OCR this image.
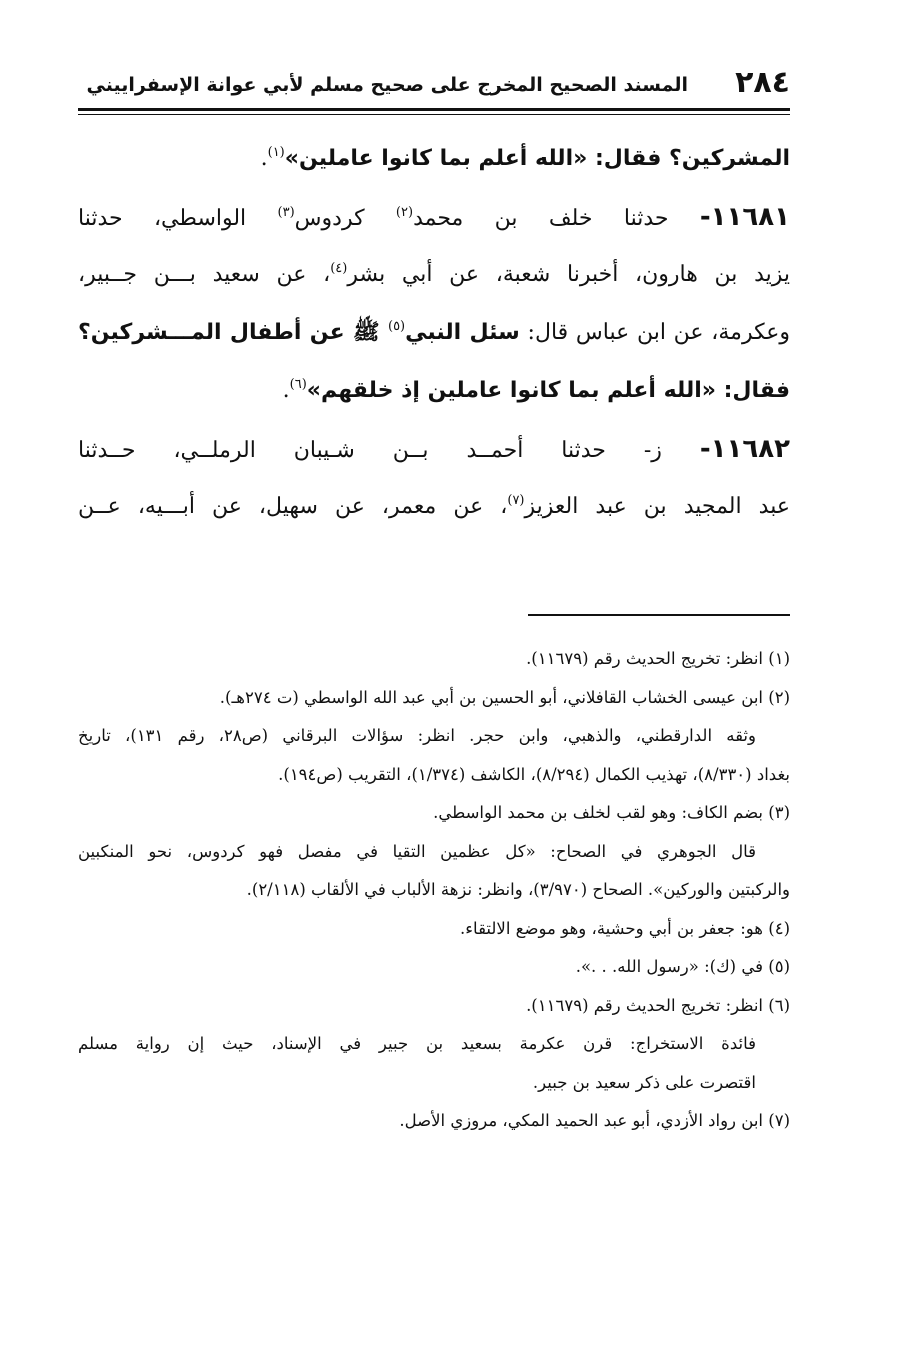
٢٨٤
المسند الصحيح المخرج على صحيح مسلم لأبي عوانة الإسفراييني
المشركين؟ فقال: «الله أعلم بما كانوا عاملين»$^{(١)}$.
١١٦٨١- حدثنا خلف بن محمد$^{(٢)}$ كردوس$^{(٣)}$ الواسطي، حدثنا
يزيد بن هارون، أخبرنا شعبة، عن أبي بشر$^{(٤)}$، عن سعيد بـــن جــبير،
وعكرمة، عن ابن عباس قال: سئل النبي$^{(٥)}$ ﷺ عن أطفال المـــشركين؟
فقال: «الله أعلم بما كانوا عاملين إذ خلقهم»$^{(٦)}$.
١١٦٨٢- ز- حدثنا أحمــد بــن شـيبان الرملــي، حــدثنا
عبد المجيد بن عبد العزيز$^{(٧)}$، عن معمر، عن سهيل، عن أبـــيه، عــن
(١) انظر: تخريج الحديث رقم (١١٦٧٩).
(٢) ابن عيسى الخشاب القافلاني، أبو الحسين بن أبي عبد الله الواسطي (ت ٢٧٤هـ).
وثقه الدارقطني، والذهبي، وابن حجر. انظر: سؤالات البرقاني (ص٢٨، رقم ١٣١)، تاريخ
بغداد (٨/٣٣٠)، تهذيب الكمال (٨/٢٩٤)، الكاشف (١/٣٧٤)، التقريب (ص١٩٤).
(٣) بضم الكاف: وهو لقب لخلف بن محمد الواسطي.
قال الجوهري في الصحاح: «كل عظمين التقيا في مفصل فهو كردوس، نحو المنكبين
والركبتين والوركين». الصحاح (٣/٩٧٠)، وانظر: نزهة الألباب في الألقاب (٢/١١٨).
(٤) هو: جعفر بن أبي وحشية، وهو موضع الالتقاء.
(٥) في (ك): «رسول الله. . .».
(٦) انظر: تخريج الحديث رقم (١١٦٧٩).
فائدة الاستخراج: قرن عكرمة بسعيد بن جبير في الإسناد، حيث إن رواية مسلم
اقتصرت على ذكر سعيد بن جبير.
(٧) ابن رواد الأزدي، أبو عبد الحميد المكي، مروزي الأصل.
